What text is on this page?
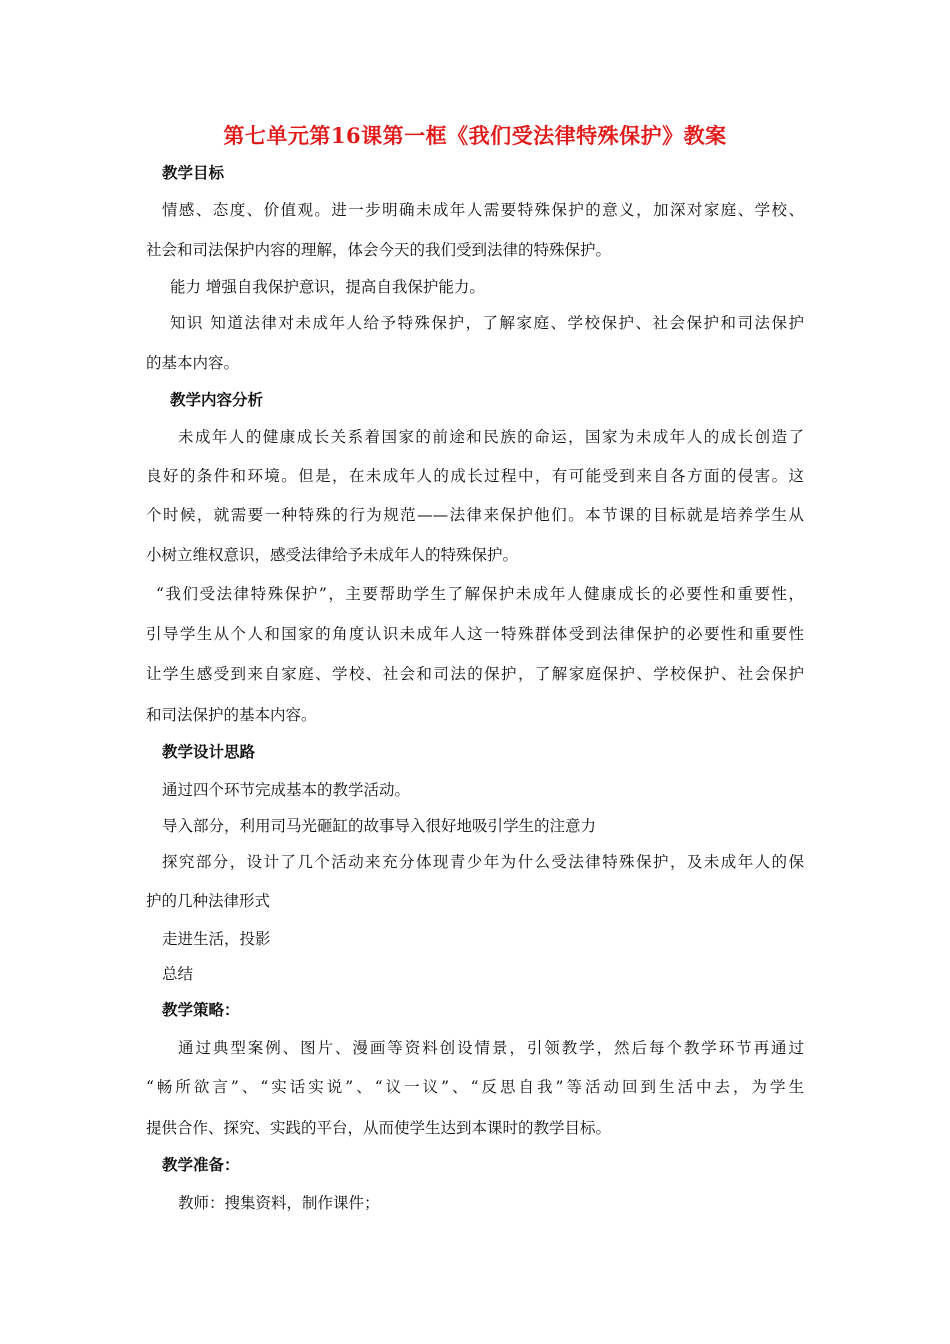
第七单元第16课第一框《我们受法律特殊保护》教案
教学目标
情感、态度、价值观。进一步明确未成年人需要特殊保护的意义，加深对家庭、学校、
社会和司法保护内容的理解，体会今天的我们受到法律的特殊保护。
能力 增强自我保护意识，提高自我保护能力。
知识 知道法律对未成年人给予特殊保护，了解家庭、学校保护、社会保护和司法保护
的基本内容。
教学内容分析
未成年人的健康成长关系着国家的前途和民族的命运，国家为未成年人的成长创造了
良好的条件和环境。但是，在未成年人的成长过程中，有可能受到来自各方面的侵害。这
个时候，就需要一种特殊的行为规范——法律来保护他们。本节课的目标就是培养学生从
小树立维权意识，感受法律给予未成年人的特殊保护。
“我们受法律特殊保护”，主要帮助学生了解保护未成年人健康成长的必要性和重要性，
引导学生从个人和国家的角度认识未成年人这一特殊群体受到法律保护的必要性和重要性
让学生感受到来自家庭、学校、社会和司法的保护，了解家庭保护、学校保护、社会保护
和司法保护的基本内容。
教学设计思路
通过四个环节完成基本的教学活动。
导入部分，利用司马光砸缸的故事导入很好地吸引学生的注意力
探究部分，设计了几个活动来充分体现青少年为什么受法律特殊保护，及未成年人的保
护的几种法律形式
走进生活，投影
总结
教学策略：
通过典型案例、图片、漫画等资料创设情景，引领教学，然后每个教学环节再通过
“畅所欲言”、“实话实说”、“议一议”、“反思自我”等活动回到生活中去，为学生
提供合作、探究、实践的平台，从而使学生达到本课时的教学目标。
教学准备：
教师：搜集资料，制作课件；
